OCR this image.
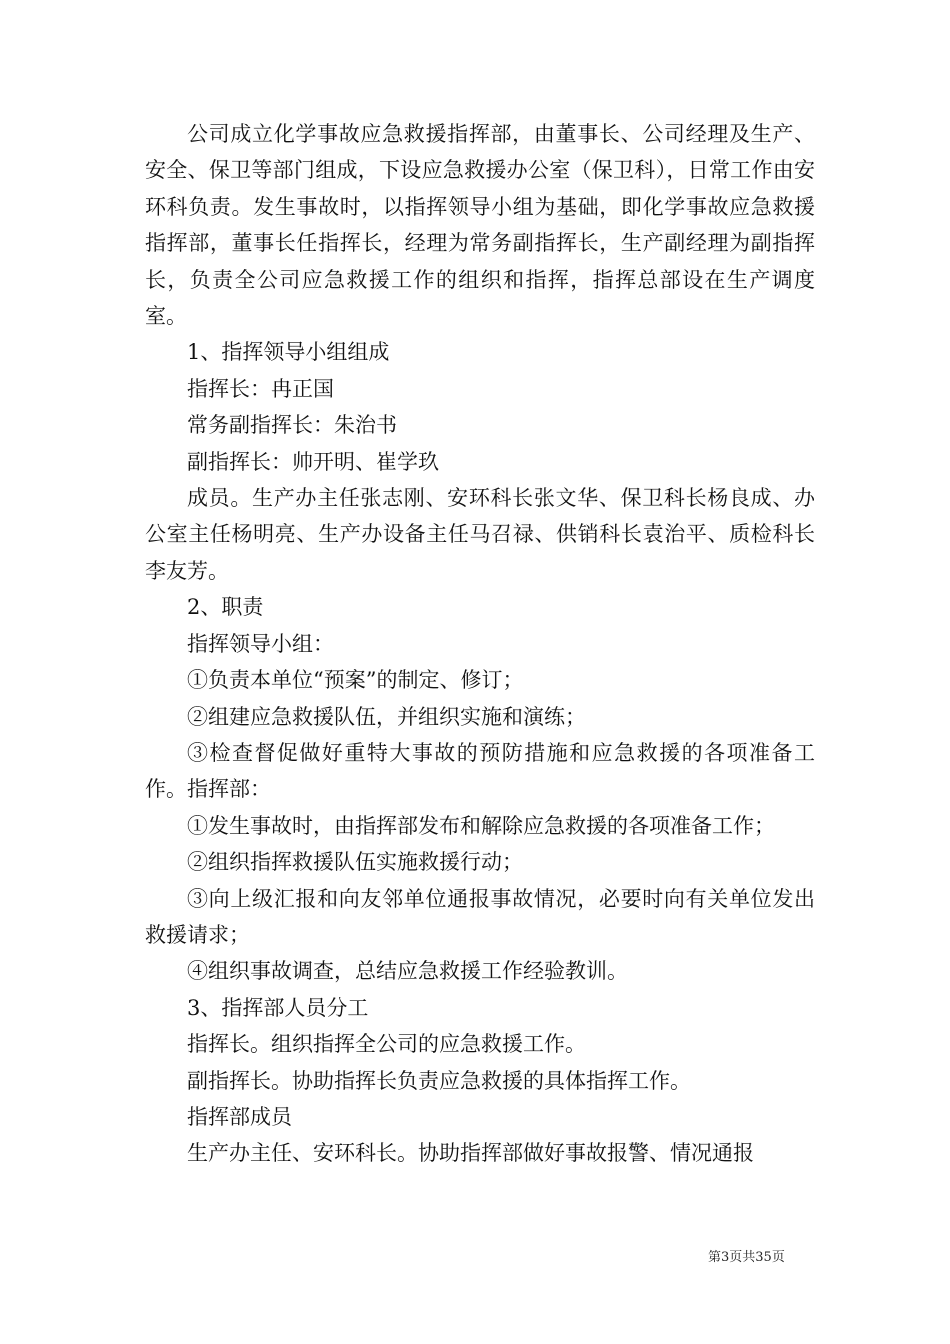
公司成立化学事故应急救援指挥部，由董事长、公司经理及生产、安全、保卫等部门组成，下设应急救援办公室（保卫科），日常工作由安环科负责。发生事故时，以指挥领导小组为基础，即化学事故应急救援指挥部，董事长任指挥长，经理为常务副指挥长，生产副经理为副指挥长，负责全公司应急救援工作的组织和指挥，指挥总部设在生产调度室。

1、指挥领导小组组成

指挥长：冉正国

常务副指挥长：朱治书

副指挥长：帅开明、崔学玖

成员。生产办主任张志刚、安环科长张文华、保卫科长杨良成、办公室主任杨明亮、生产办设备主任马召禄、供销科长袁治平、质检科长李友芳。

2、职责

指挥领导小组：

①负责本单位“预案”的制定、修订；

②组建应急救援队伍，并组织实施和演练；

③检查督促做好重特大事故的预防措施和应急救援的各项准备工作。指挥部：

①发生事故时，由指挥部发布和解除应急救援的各项准备工作；

②组织指挥救援队伍实施救援行动；

③向上级汇报和向友邻单位通报事故情况，必要时向有关单位发出救援请求；

④组织事故调查，总结应急救援工作经验教训。

3、指挥部人员分工

指挥长。组织指挥全公司的应急救援工作。

副指挥长。协助指挥长负责应急救援的具体指挥工作。

指挥部成员

生产办主任、安环科长。协助指挥部做好事故报警、情况通报

第3页共35页
